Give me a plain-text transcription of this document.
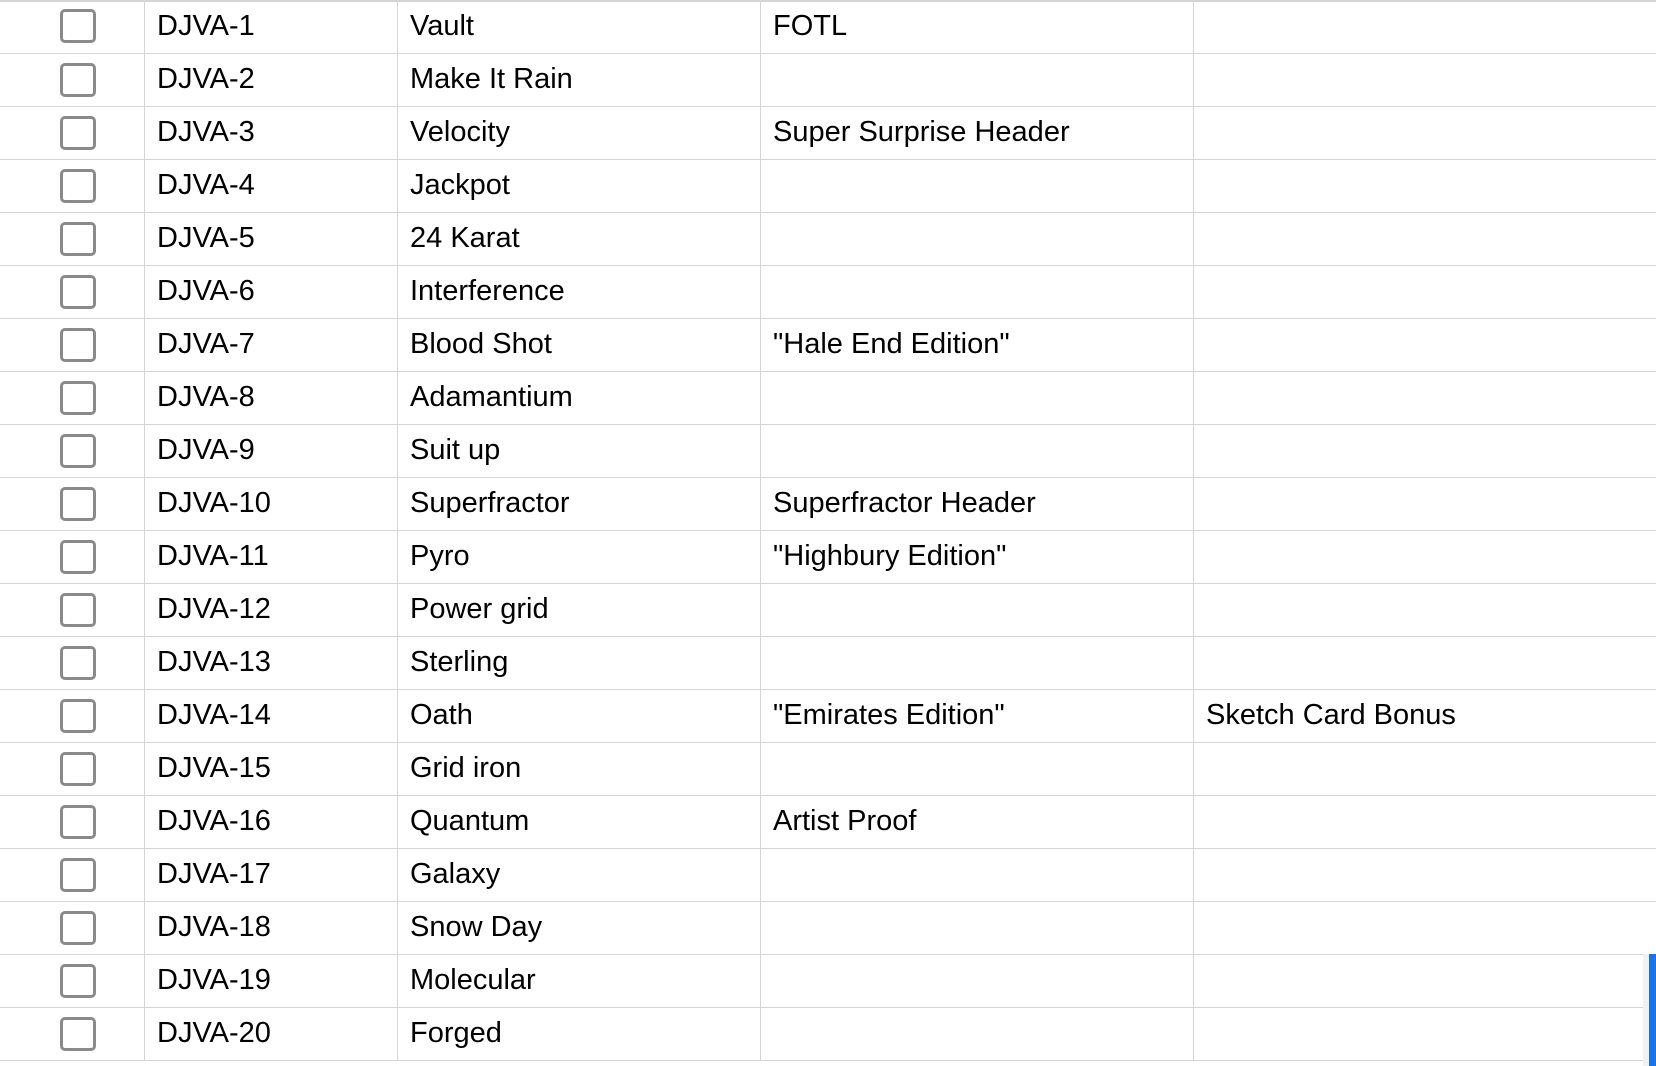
	DJVA-1	Vault	FOTL	
	DJVA-2	Make It Rain		
	DJVA-3	Velocity	Super Surprise Header	
	DJVA-4	Jackpot		
	DJVA-5	24 Karat		
	DJVA-6	Interference		
	DJVA-7	Blood Shot	"Hale End Edition"	
	DJVA-8	Adamantium		
	DJVA-9	Suit up		
	DJVA-10	Superfractor	Superfractor Header	
	DJVA-11	Pyro	"Highbury Edition"	
	DJVA-12	Power grid		
	DJVA-13	Sterling		
	DJVA-14	Oath	"Emirates Edition"	Sketch Card Bonus
	DJVA-15	Grid iron		
	DJVA-16	Quantum	Artist Proof	
	DJVA-17	Galaxy		
	DJVA-18	Snow Day		
	DJVA-19	Molecular		
	DJVA-20	Forged		
